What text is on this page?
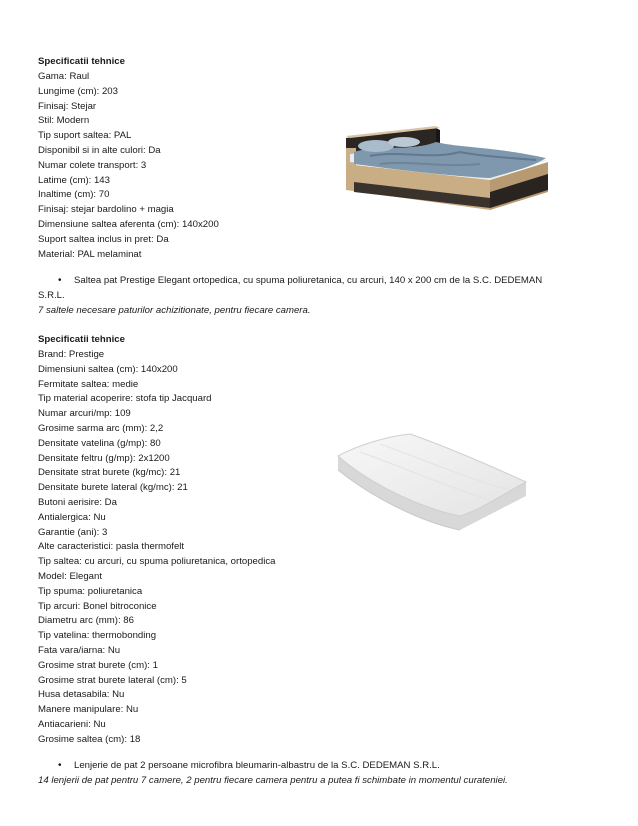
Specificatii tehnice
Gama: Raul
Lungime (cm): 203
Finisaj: Stejar
Stil: Modern
Tip suport saltea: PAL
Disponibil si in alte culori: Da
Numar colete transport: 3
Latime (cm): 143
Inaltime (cm): 70
Finisaj: stejar bardolino + magia
Dimensiune saltea aferenta (cm): 140x200
Suport saltea inclus in pret: Da
Material: PAL melaminat
• Saltea pat Prestige Elegant ortopedica, cu spuma poliuretanica, cu arcuri, 140 x 200 cm de la S.C. DEDEMAN
S.R.L.
7 saltele necesare paturilor achizitionate, pentru fiecare camera.
Specificatii tehnice
Brand: Prestige
Dimensiuni saltea (cm): 140x200
Fermitate saltea: medie
Tip material acoperire: stofa tip Jacquard
Numar arcuri/mp: 109
Grosime sarma arc (mm): 2,2
Densitate vatelina (g/mp): 80
Densitate feltru (g/mp): 2x1200
Densitate strat burete (kg/mc): 21
Densitate burete lateral (kg/mc): 21
Butoni aerisire: Da
Antialergica: Nu
Garantie (ani): 3
Alte caracteristici: pasla thermofelt
Tip saltea: cu arcuri, cu spuma poliuretanica, ortopedica
Model: Elegant
Tip spuma: poliuretanica
Tip arcuri: Bonel bitroconice
Diametru arc (mm): 86
Tip vatelina: thermobonding
Fata vara/iarna: Nu
Grosime strat burete (cm): 1
Grosime strat burete lateral (cm): 5
Husa detasabila: Nu
Manere manipulare: Nu
Antiacarieni: Nu
Grosime saltea (cm): 18
• Lenjerie de pat 2 persoane microfibra bleumarin-albastru de la S.C. DEDEMAN S.R.L.
14 lenjerii de pat pentru 7 camere, 2 pentru fiecare camera pentru a putea fi schimbate in momentul curateniei.
